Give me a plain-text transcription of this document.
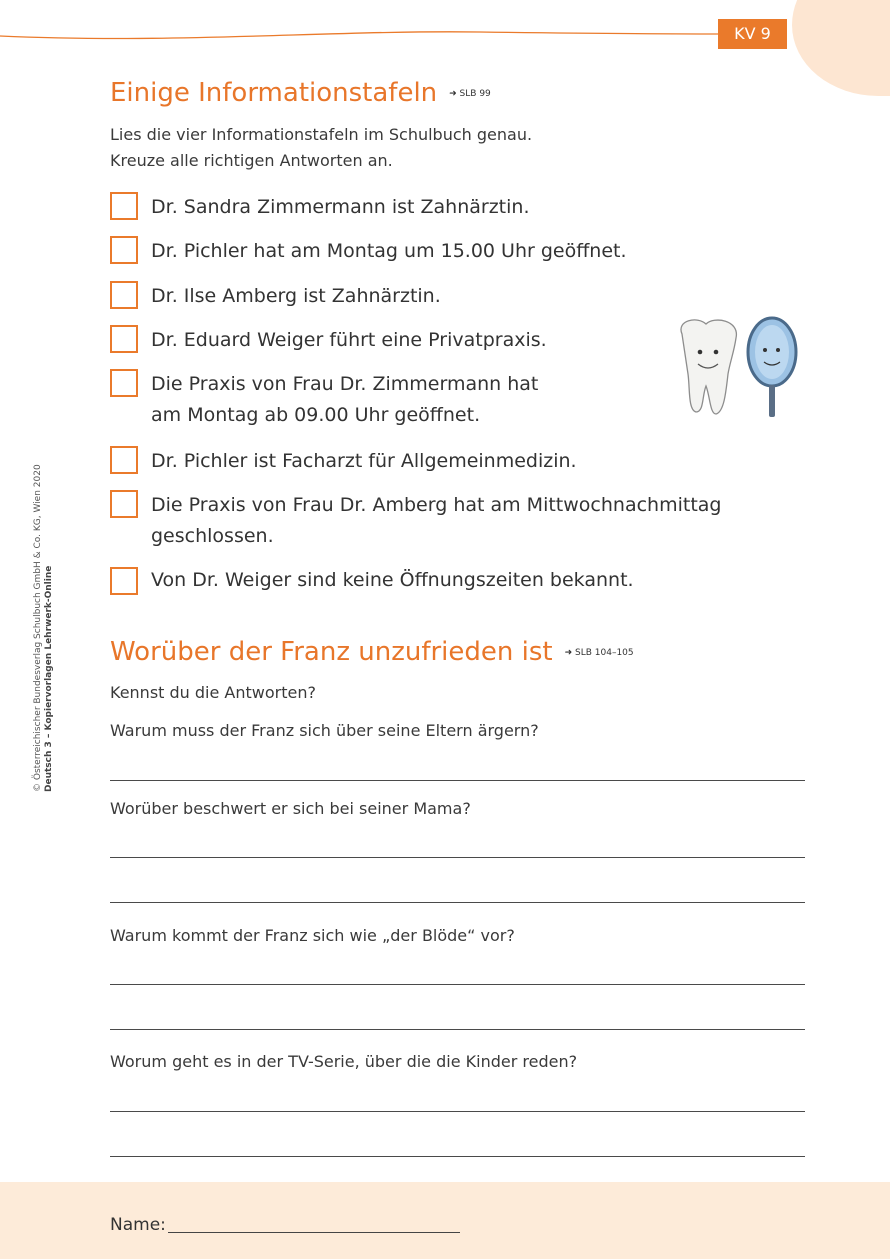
KV 9
© Österreichischer Bundesverlag Schulbuch GmbH & Co. KG, Wien 2020 Deutsch 3 – Kopiervorlagen Lehrwerk-Online
Einige Informationstafeln ➜ SLB 99
Lies die vier Informationstafeln im Schulbuch genau.
Kreuze alle richtigen Antworten an.
Dr. Sandra Zimmermann ist Zahnärztin.
Dr. Pichler hat am Montag um 15.00 Uhr geöffnet.
Dr. Ilse Amberg ist Zahnärztin.
Dr. Eduard Weiger führt eine Privatpraxis.
Die Praxis von Frau Dr. Zimmermann hat
am Montag ab 09.00 Uhr geöffnet.
Dr. Pichler ist Facharzt für Allgemeinmedizin.
Die Praxis von Frau Dr. Amberg hat am Mittwochnachmittag
geschlossen.
Von Dr. Weiger sind keine Öffnungszeiten bekannt.
Worüber der Franz unzufrieden ist ➜ SLB 104–105
Kennst du die Antworten?
Warum muss der Franz sich über seine Eltern ärgern?
Worüber beschwert er sich bei seiner Mama?
Warum kommt der Franz sich wie „der Blöde“ vor?
Worum geht es in der TV-Serie, über die die Kinder reden?
Name:
